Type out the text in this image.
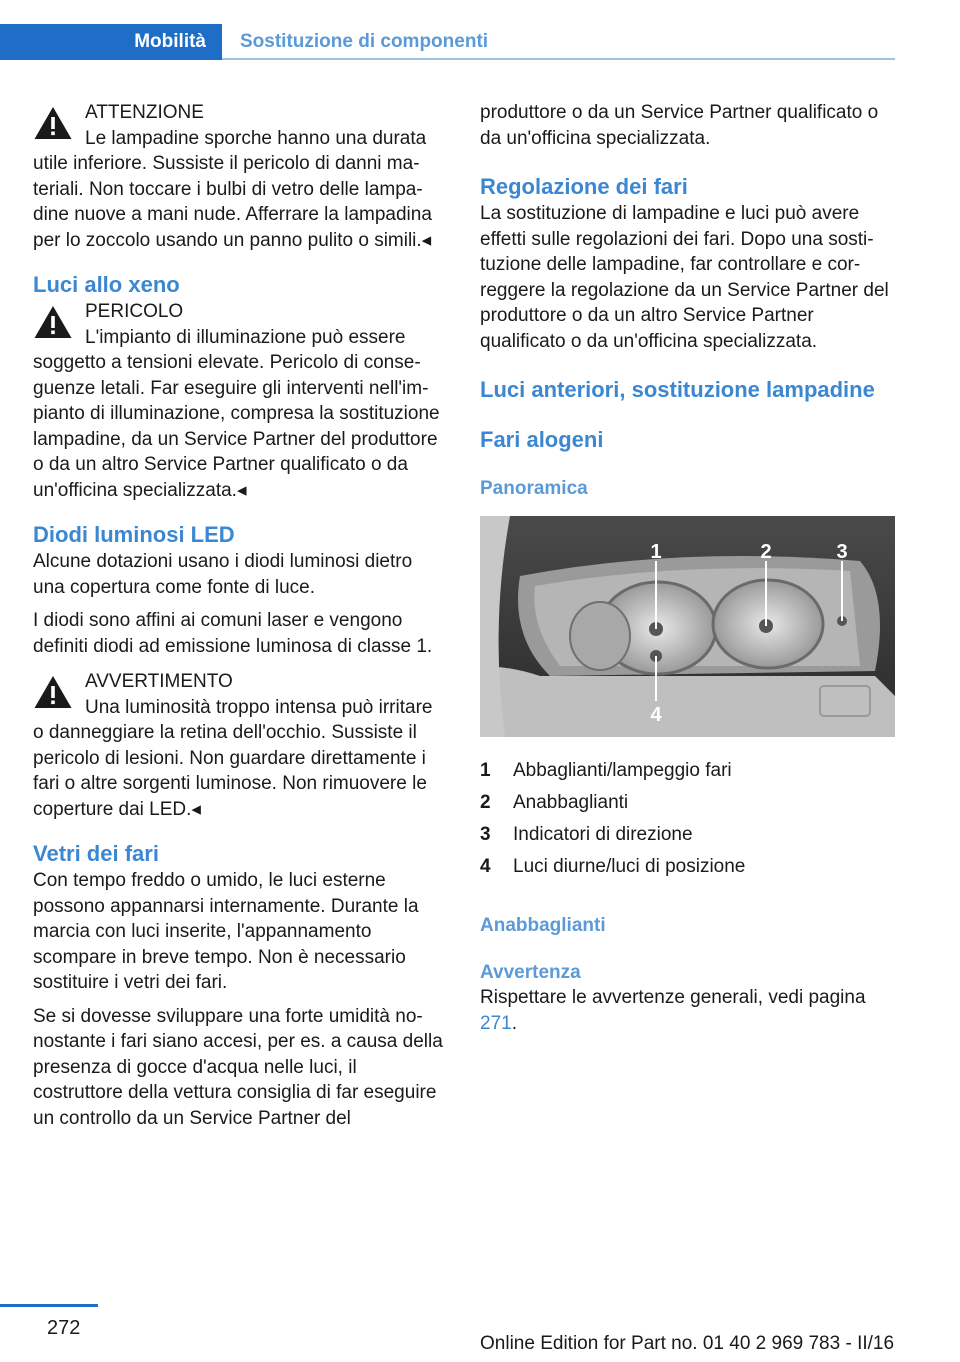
Mobilità Sostituzione di componenti

ATTENZIONE

Le lampadine sporche hanno una durata utile inferiore. Sussiste il pericolo di danni materiali. Non toccare i bulbi di vetro delle lampadine nuove a mani nude. Afferrare la lampadina per lo zoccolo usando un panno pulito o simili.◂

Luci allo xeno

PERICOLO

L'impianto di illuminazione può essere soggetto a tensioni elevate. Pericolo di conseguenze letali. Far eseguire gli interventi nell'impianto di illuminazione, compresa la sostituzione lampadine, da un Service Partner del produttore o da un altro Service Partner qualificato o da un'officina specializzata.◂

Diodi luminosi LED

Alcune dotazioni usano i diodi luminosi dietro una copertura come fonte di luce.

I diodi sono affini ai comuni laser e vengono definiti diodi ad emissione luminosa di classe 1.

AVVERTIMENTO

Una luminosità troppo intensa può irritare o danneggiare la retina dell'occhio. Sussiste il pericolo di lesioni. Non guardare direttamente i fari o altre sorgenti luminose. Non rimuovere le coperture dai LED.◂

Vetri dei fari

Con tempo freddo o umido, le luci esterne possono appannarsi internamente. Durante la marcia con luci inserite, l'appannamento scompare in breve tempo. Non è necessario sostituire i vetri dei fari.

Se si dovesse sviluppare una forte umidità nonostante i fari siano accesi, per es. a causa della presenza di gocce d'acqua nelle luci, il costruttore della vettura consiglia di far eseguire un controllo da un Service Partner del

produttore o da un Service Partner qualificato o da un'officina specializzata.

Regolazione dei fari

La sostituzione di lampadine e luci può avere effetti sulle regolazioni dei fari. Dopo una sostituzione delle lampadine, far controllare e correggere la regolazione da un Service Partner del produttore o da un altro Service Partner qualificato o da un'officina specializzata.

Luci anteriori, sostituzione lampadine
Fari alogeni
Panoramica
1	2	3
4
1 Abbaglianti/lampeggio fari
2 Anabbaglianti
3 Indicatori di direzione
4 Luci diurne/luci di posizione
Anabbaglianti
Avvertenza

Rispettare le avvertenze generali, vedi pagina 271.

272
Online Edition for Part no. 01 40 2 969 783 - II/16
